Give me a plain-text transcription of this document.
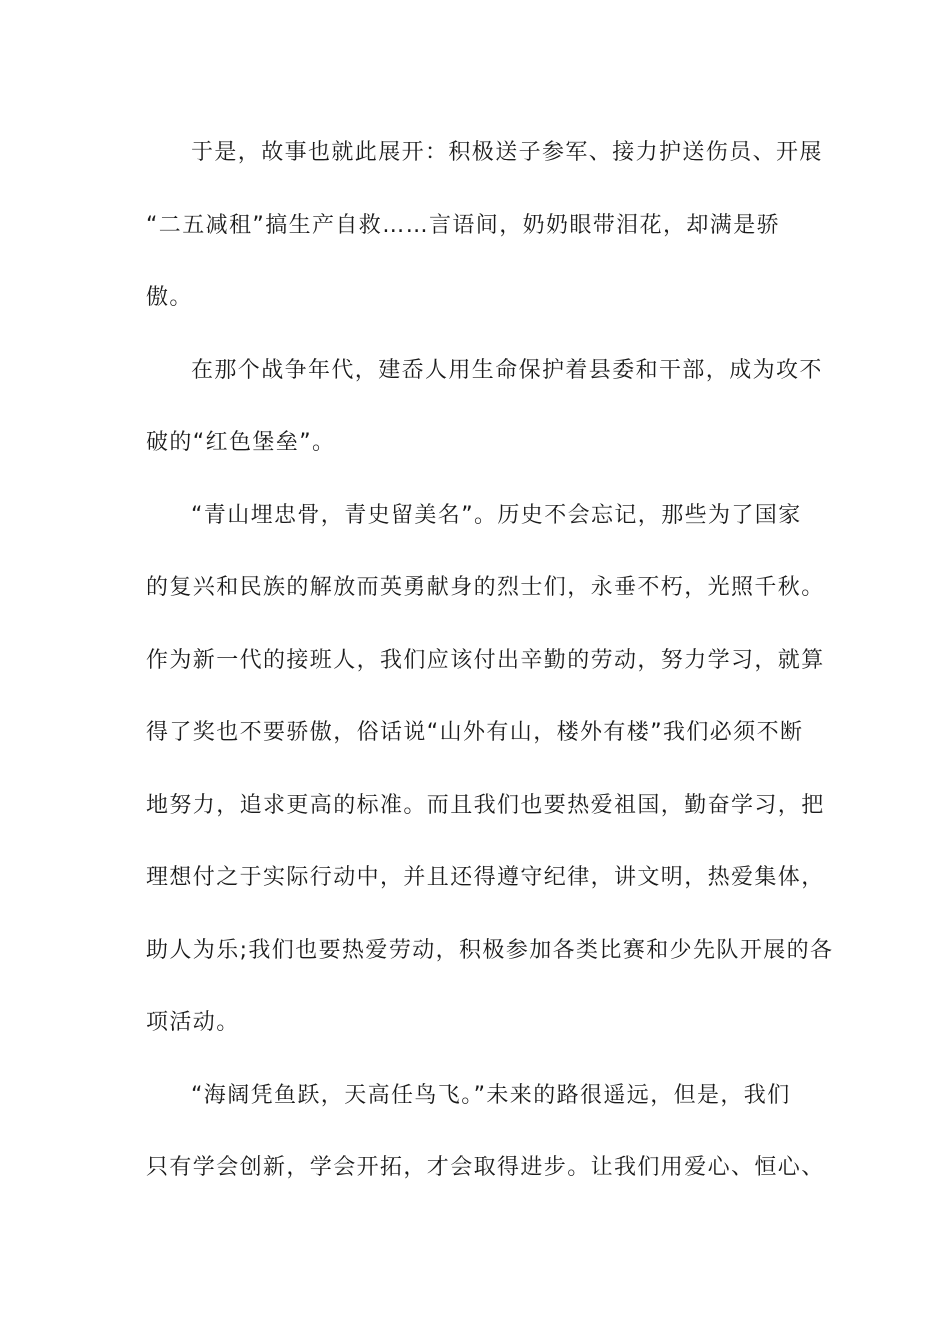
于是，故事也就此展开：积极送子参军、接力护送伤员、开展
“二五减租”搞生产自救……言语间，奶奶眼带泪花，却满是骄
傲。
在那个战争年代，建岙人用生命保护着县委和干部，成为攻不
破的“红色堡垒”。
“青山埋忠骨，青史留美名”。历史不会忘记，那些为了国家
的复兴和民族的解放而英勇献身的烈士们，永垂不朽，光照千秋。
作为新一代的接班人，我们应该付出辛勤的劳动，努力学习，就算
得了奖也不要骄傲，俗话说“山外有山，楼外有楼”我们必须不断
地努力，追求更高的标准。而且我们也要热爱祖国，勤奋学习，把
理想付之于实际行动中，并且还得遵守纪律，讲文明，热爱集体，
助人为乐;我们也要热爱劳动，积极参加各类比赛和少先队开展的各
项活动。
“海阔凭鱼跃，天高任鸟飞。”未来的路很遥远，但是，我们
只有学会创新，学会开拓，才会取得进步。让我们用爱心、恒心、
